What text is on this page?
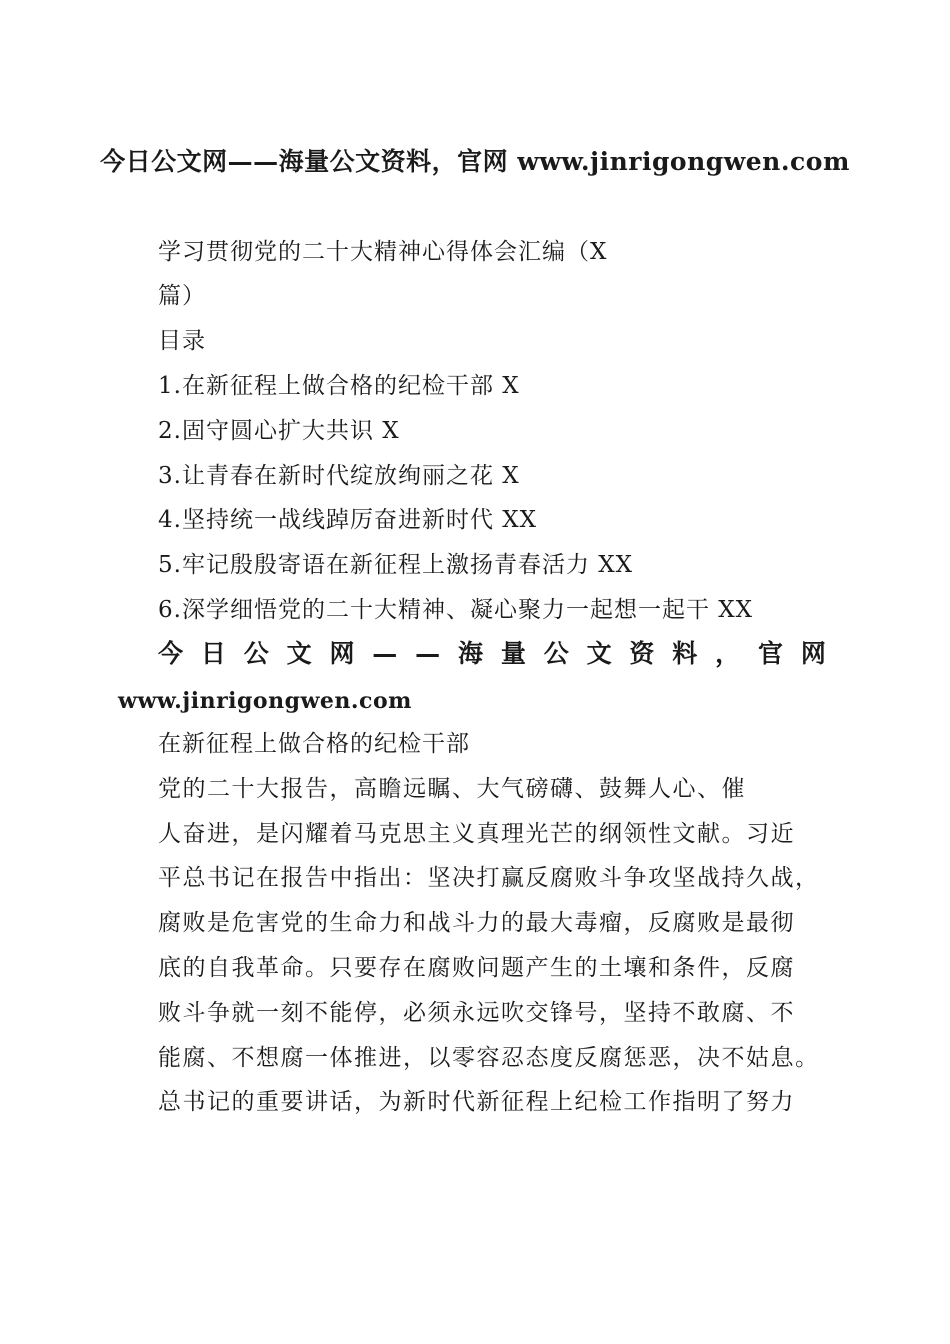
今日公文网——海量公文资料，官网 www.jinrigongwen.com
学习贯彻党的二十大精神心得体会汇编（X
篇）
目录
1.在新征程上做合格的纪检干部 X
2.固守圆心扩大共识 X
3.让青春在新时代绽放绚丽之花 X
4.坚持统一战线踔厉奋进新时代 XX
5.牢记殷殷寄语在新征程上激扬青春活力 XX
6.深学细悟党的二十大精神、凝心聚力一起想一起干 XX
今 日 公 文 网 — — 海 量 公 文 资 料 ， 官 网
www.jinrigongwen.com
在新征程上做合格的纪检干部
党的二十大报告，高瞻远瞩、大气磅礴、鼓舞人心、催
人奋进，是闪耀着马克思主义真理光芒的纲领性文献。习近
平总书记在报告中指出：坚决打赢反腐败斗争攻坚战持久战，
腐败是危害党的生命力和战斗力的最大毒瘤，反腐败是最彻
底的自我革命。只要存在腐败问题产生的土壤和条件，反腐
败斗争就一刻不能停，必须永远吹交锋号，坚持不敢腐、不
能腐、不想腐一体推进，以零容忍态度反腐惩恶，决不姑息。
总书记的重要讲话，为新时代新征程上纪检工作指明了努力
